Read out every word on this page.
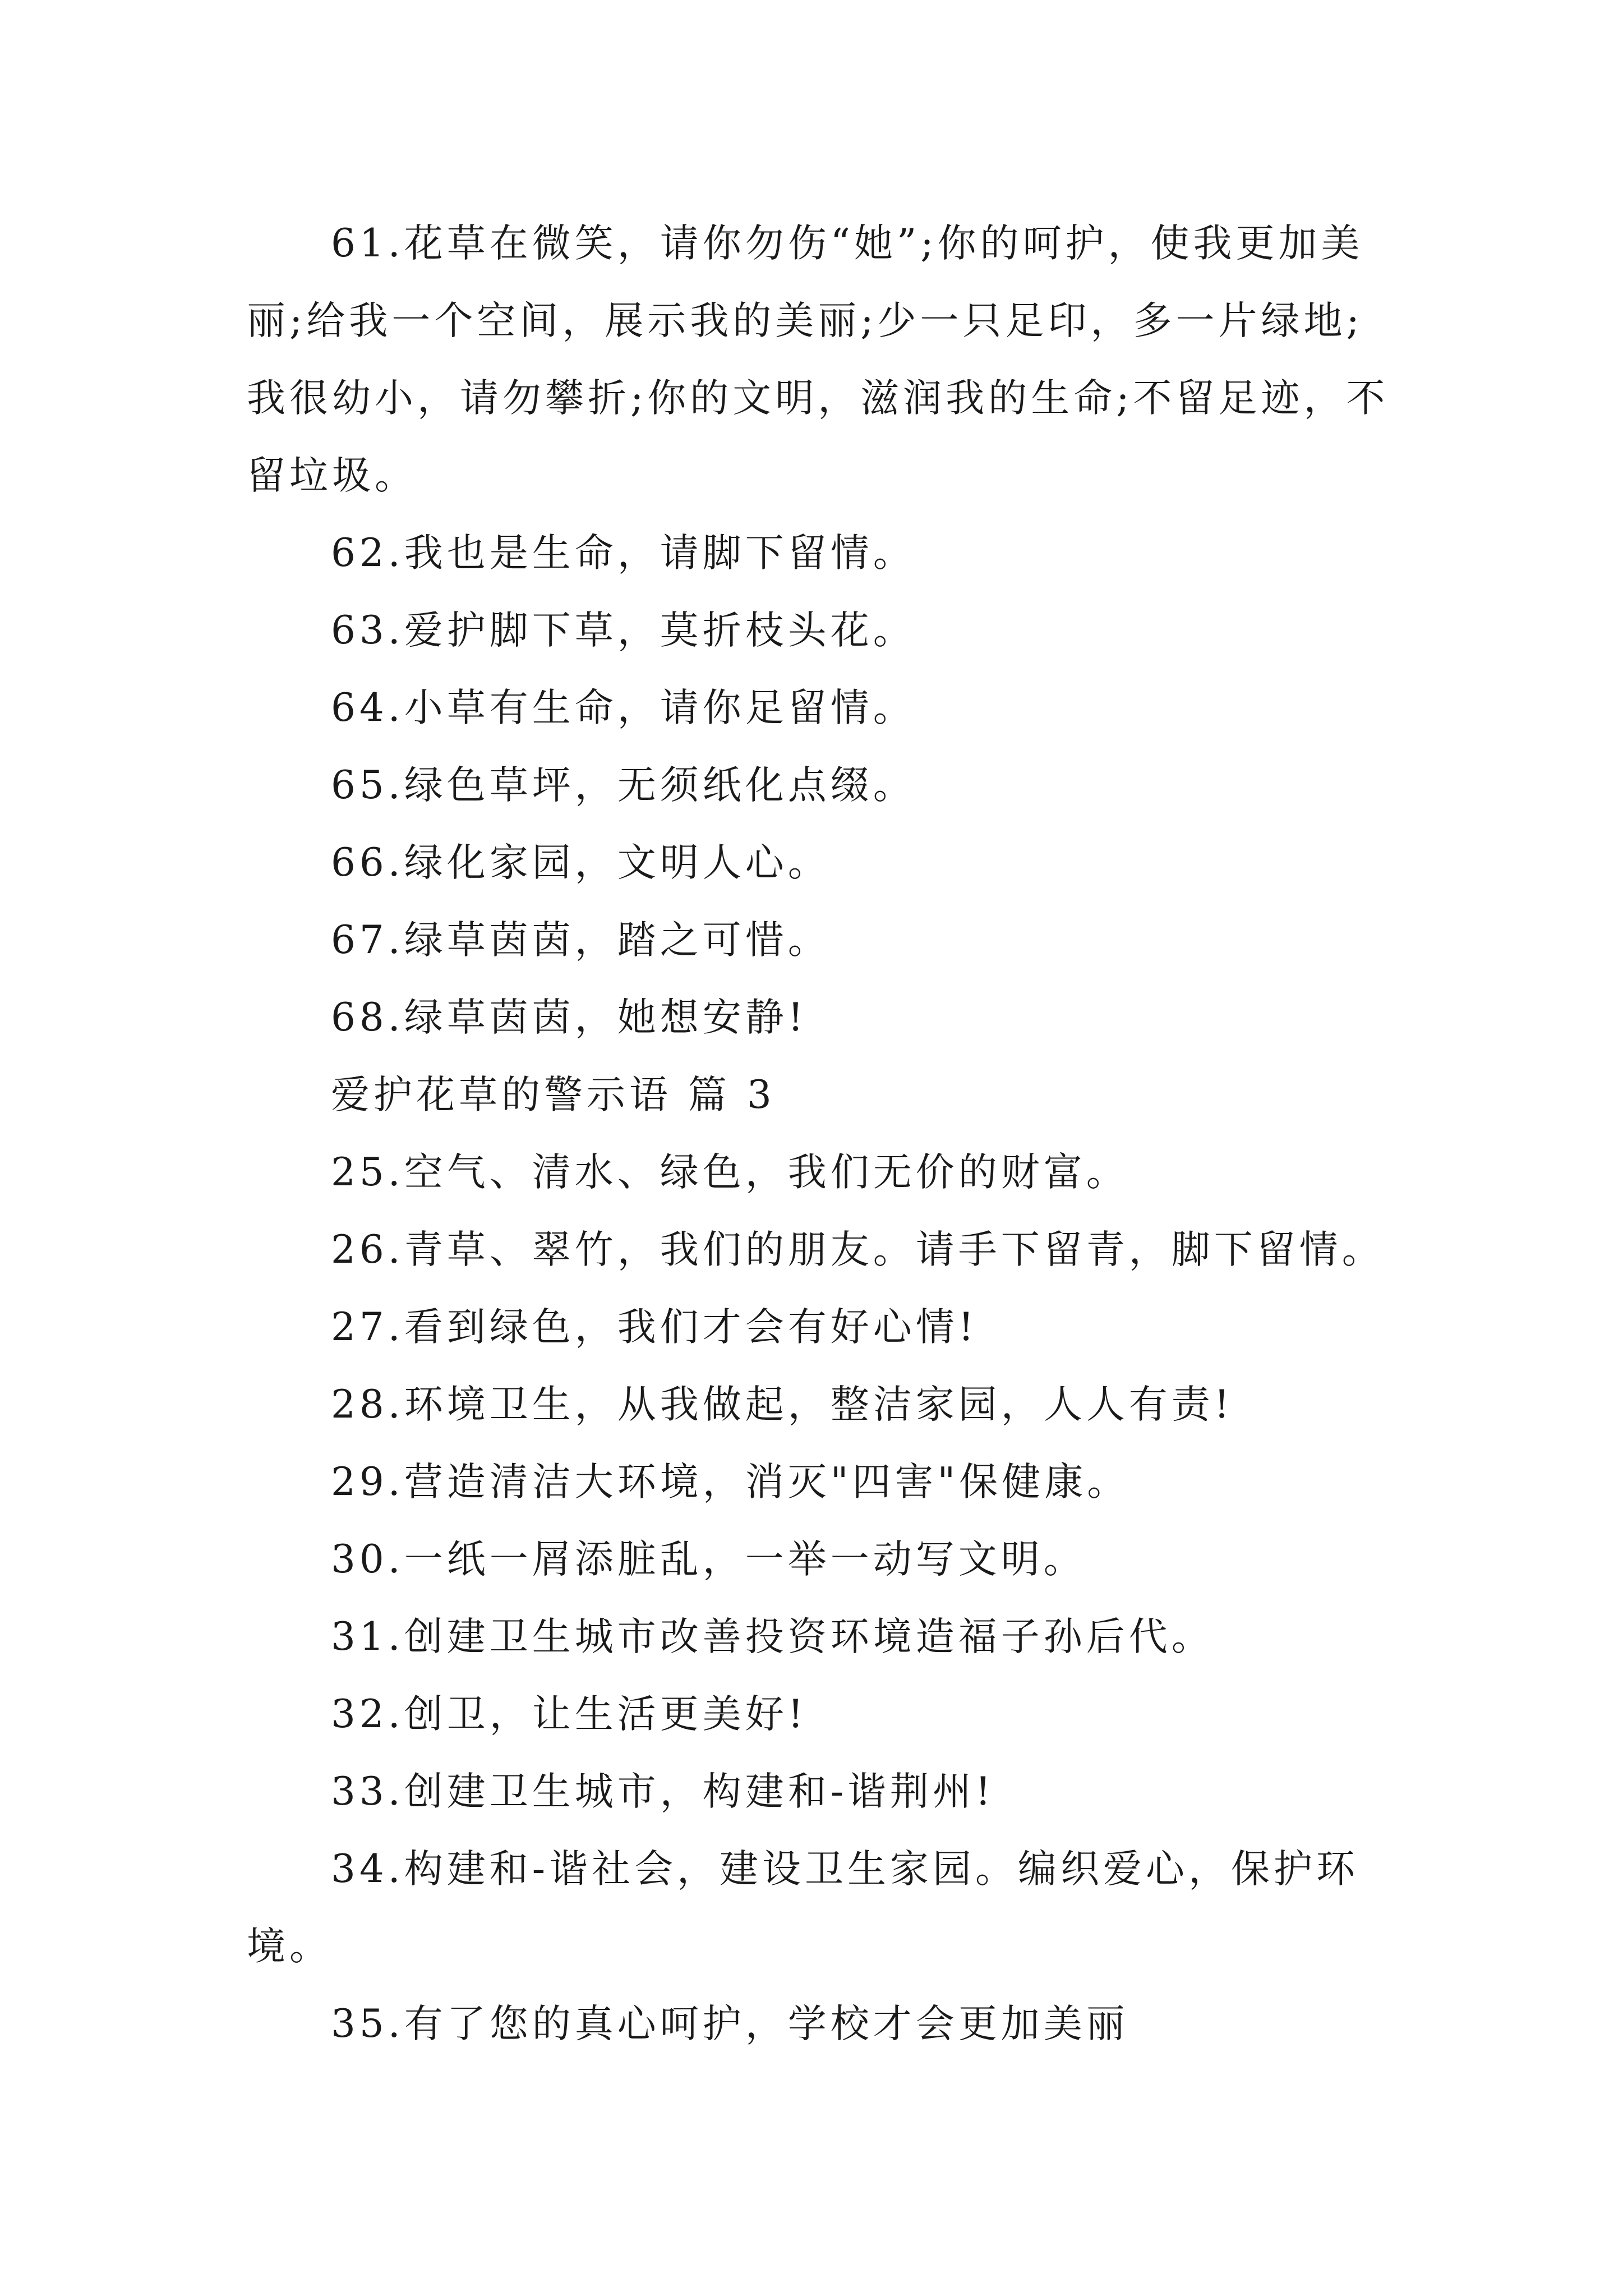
61.花草在微笑，请你勿伤“她”;你的呵护，使我更加美丽;给我一个空间，展示我的美丽;少一只足印，多一片绿地;我很幼小，请勿攀折;你的文明，滋润我的生命;不留足迹，不留垃圾。

62.我也是生命，请脚下留情。

63.爱护脚下草，莫折枝头花。

64.小草有生命，请你足留情。

65.绿色草坪，无须纸化点缀。

66.绿化家园，文明人心。

67.绿草茵茵，踏之可惜。

68.绿草茵茵，她想安静!

爱护花草的警示语 篇 3

25.空气、清水、绿色，我们无价的财富。

26.青草、翠竹，我们的朋友。请手下留青，脚下留情。

27.看到绿色，我们才会有好心情!

28.环境卫生，从我做起，整洁家园，人人有责!

29.营造清洁大环境，消灭"四害"保健康。

30.一纸一屑添脏乱，一举一动写文明。

31.创建卫生城市改善投资环境造福子孙后代。

32.创卫，让生活更美好!

33.创建卫生城市，构建和-谐荆州!

34.构建和-谐社会，建设卫生家园。编织爱心，保护环境。

35.有了您的真心呵护，学校才会更加美丽
